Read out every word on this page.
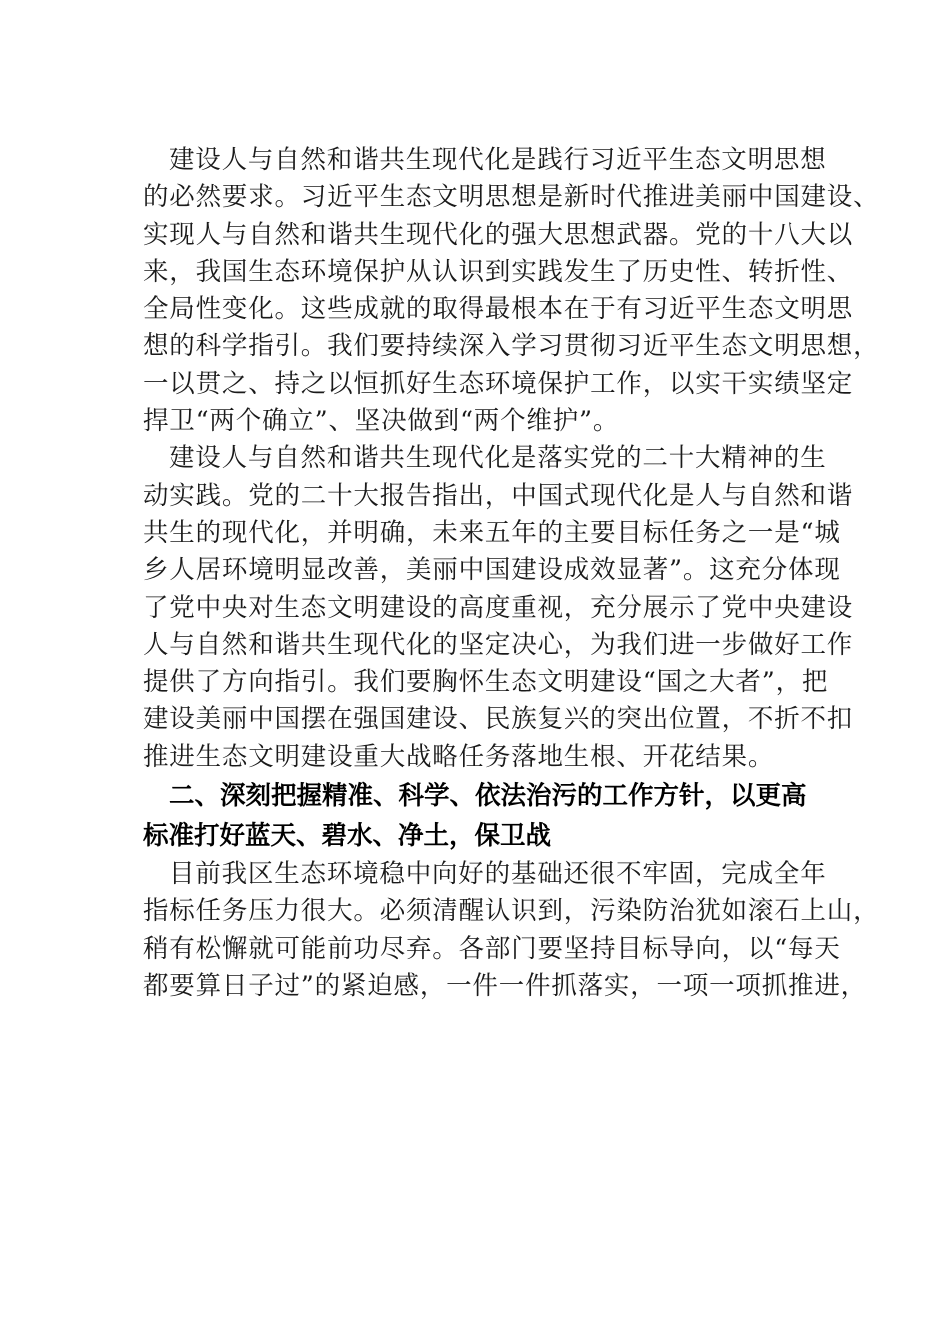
建设人与自然和谐共生现代化是践行习近平生态文明思想
的必然要求。习近平生态文明思想是新时代推进美丽中国建设、
实现人与自然和谐共生现代化的强大思想武器。党的十八大以
来，我国生态环境保护从认识到实践发生了历史性、转折性、
全局性变化。这些成就的取得最根本在于有习近平生态文明思
想的科学指引。我们要持续深入学习贯彻习近平生态文明思想，
一以贯之、持之以恒抓好生态环境保护工作，以实干实绩坚定
捍卫“两个确立”、坚决做到“两个维护”。
建设人与自然和谐共生现代化是落实党的二十大精神的生
动实践。党的二十大报告指出，中国式现代化是人与自然和谐
共生的现代化，并明确，未来五年的主要目标任务之一是“城
乡人居环境明显改善，美丽中国建设成效显著”。这充分体现
了党中央对生态文明建设的高度重视，充分展示了党中央建设
人与自然和谐共生现代化的坚定决心，为我们进一步做好工作
提供了方向指引。我们要胸怀生态文明建设“国之大者”，把
建设美丽中国摆在强国建设、民族复兴的突出位置，不折不扣
推进生态文明建设重大战略任务落地生根、开花结果。
二、深刻把握精准、科学、依法治污的工作方针，以更高
标准打好蓝天、碧水、净土，保卫战
目前我区生态环境稳中向好的基础还很不牢固，完成全年
指标任务压力很大。必须清醒认识到，污染防治犹如滚石上山，
稍有松懈就可能前功尽弃。各部门要坚持目标导向，以“每天
都要算日子过”的紧迫感，一件一件抓落实，一项一项抓推进，
